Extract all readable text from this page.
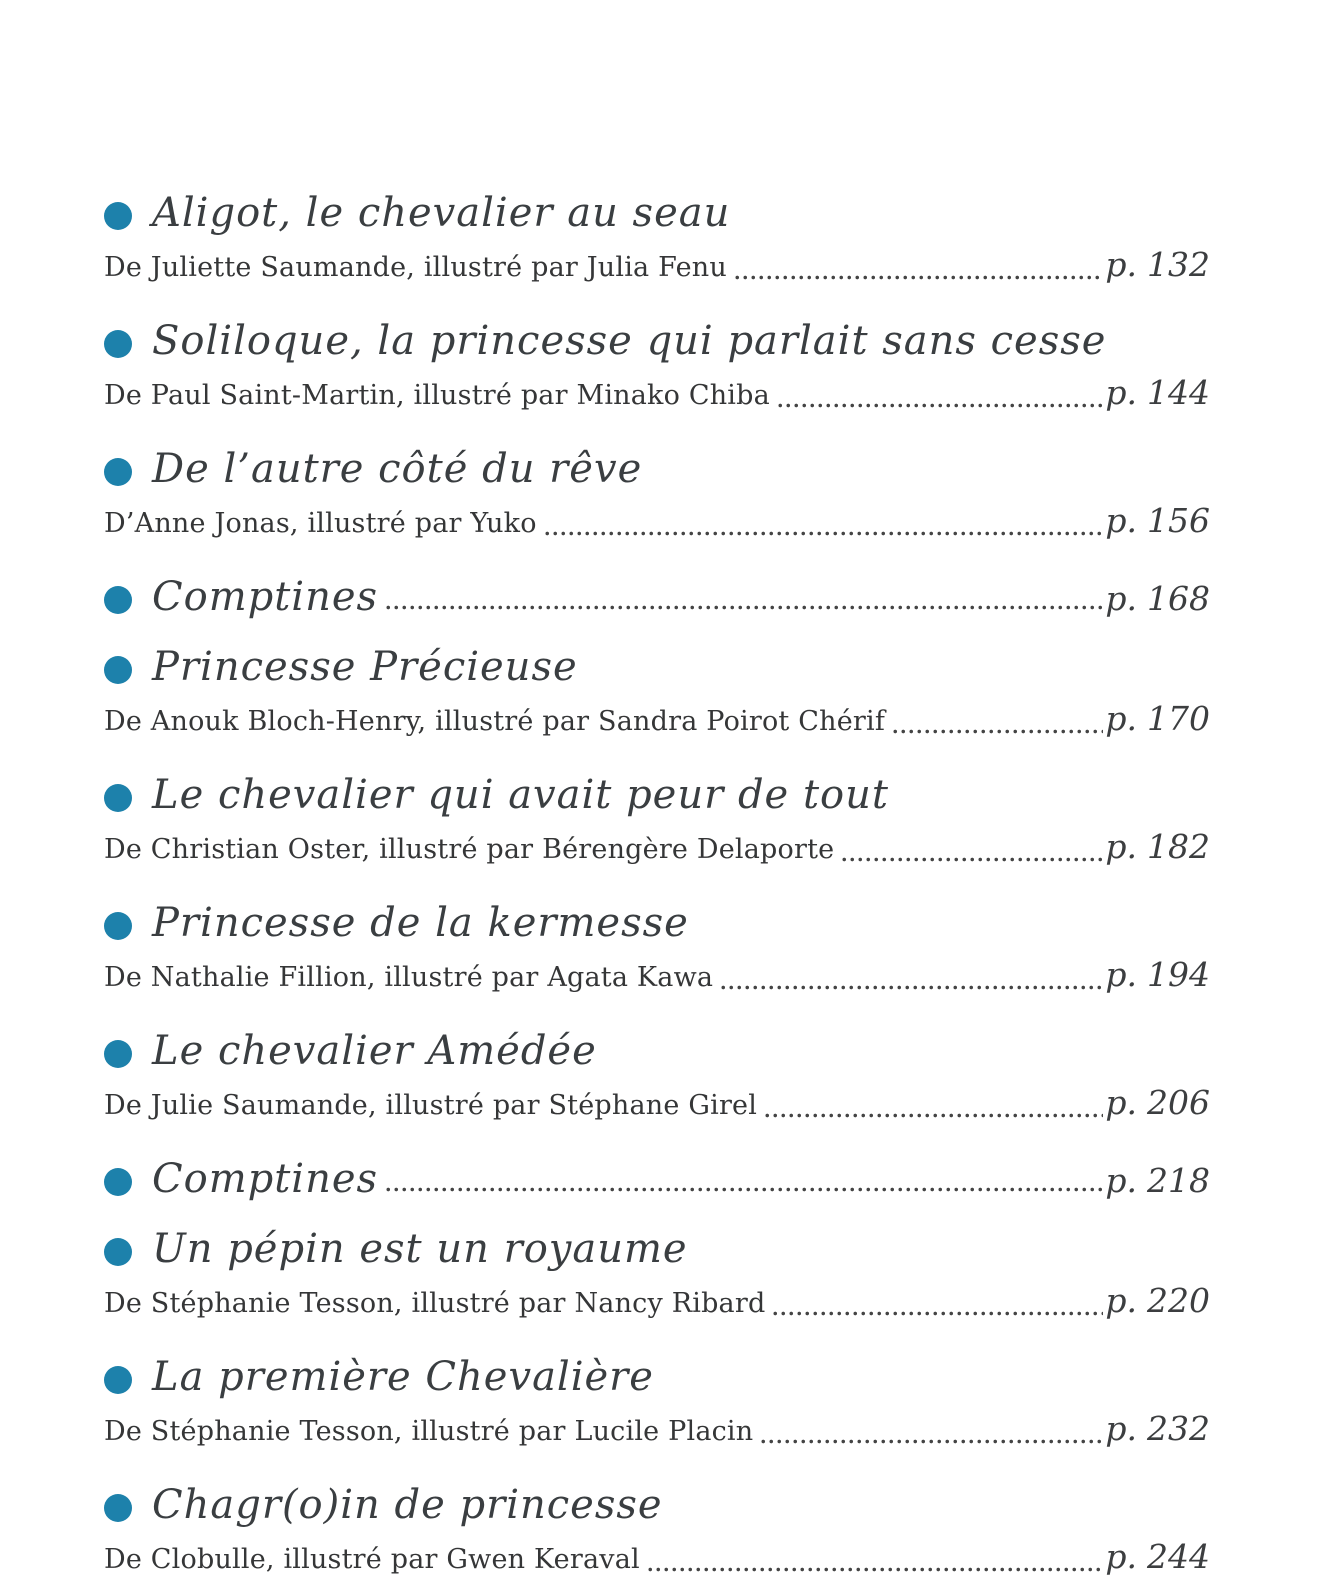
Aligot, le chevalier au seau
De Juliette Saumande, illustré par Julia Fenu	p. 132
Soliloque, la princesse qui parlait sans cesse
De Paul Saint-Martin, illustré par Minako Chiba	p. 144
De l’autre côté du rêve
D’Anne Jonas, illustré par Yuko	p. 156
Comptines	p. 168
Princesse Précieuse
De Anouk Bloch-Henry, illustré par Sandra Poirot Chérif	p. 170
Le chevalier qui avait peur de tout
De Christian Oster, illustré par Bérengère Delaporte	p. 182
Princesse de la kermesse
De Nathalie Fillion, illustré par Agata Kawa	p. 194
Le chevalier Amédée
De Julie Saumande, illustré par Stéphane Girel	p. 206
Comptines	p. 218
Un pépin est un royaume
De Stéphanie Tesson, illustré par Nancy Ribard	p. 220
La première Chevalière
De Stéphanie Tesson, illustré par Lucile Placin	p. 232
Chagr(o)in de princesse
De Clobulle, illustré par Gwen Keraval	p. 244
